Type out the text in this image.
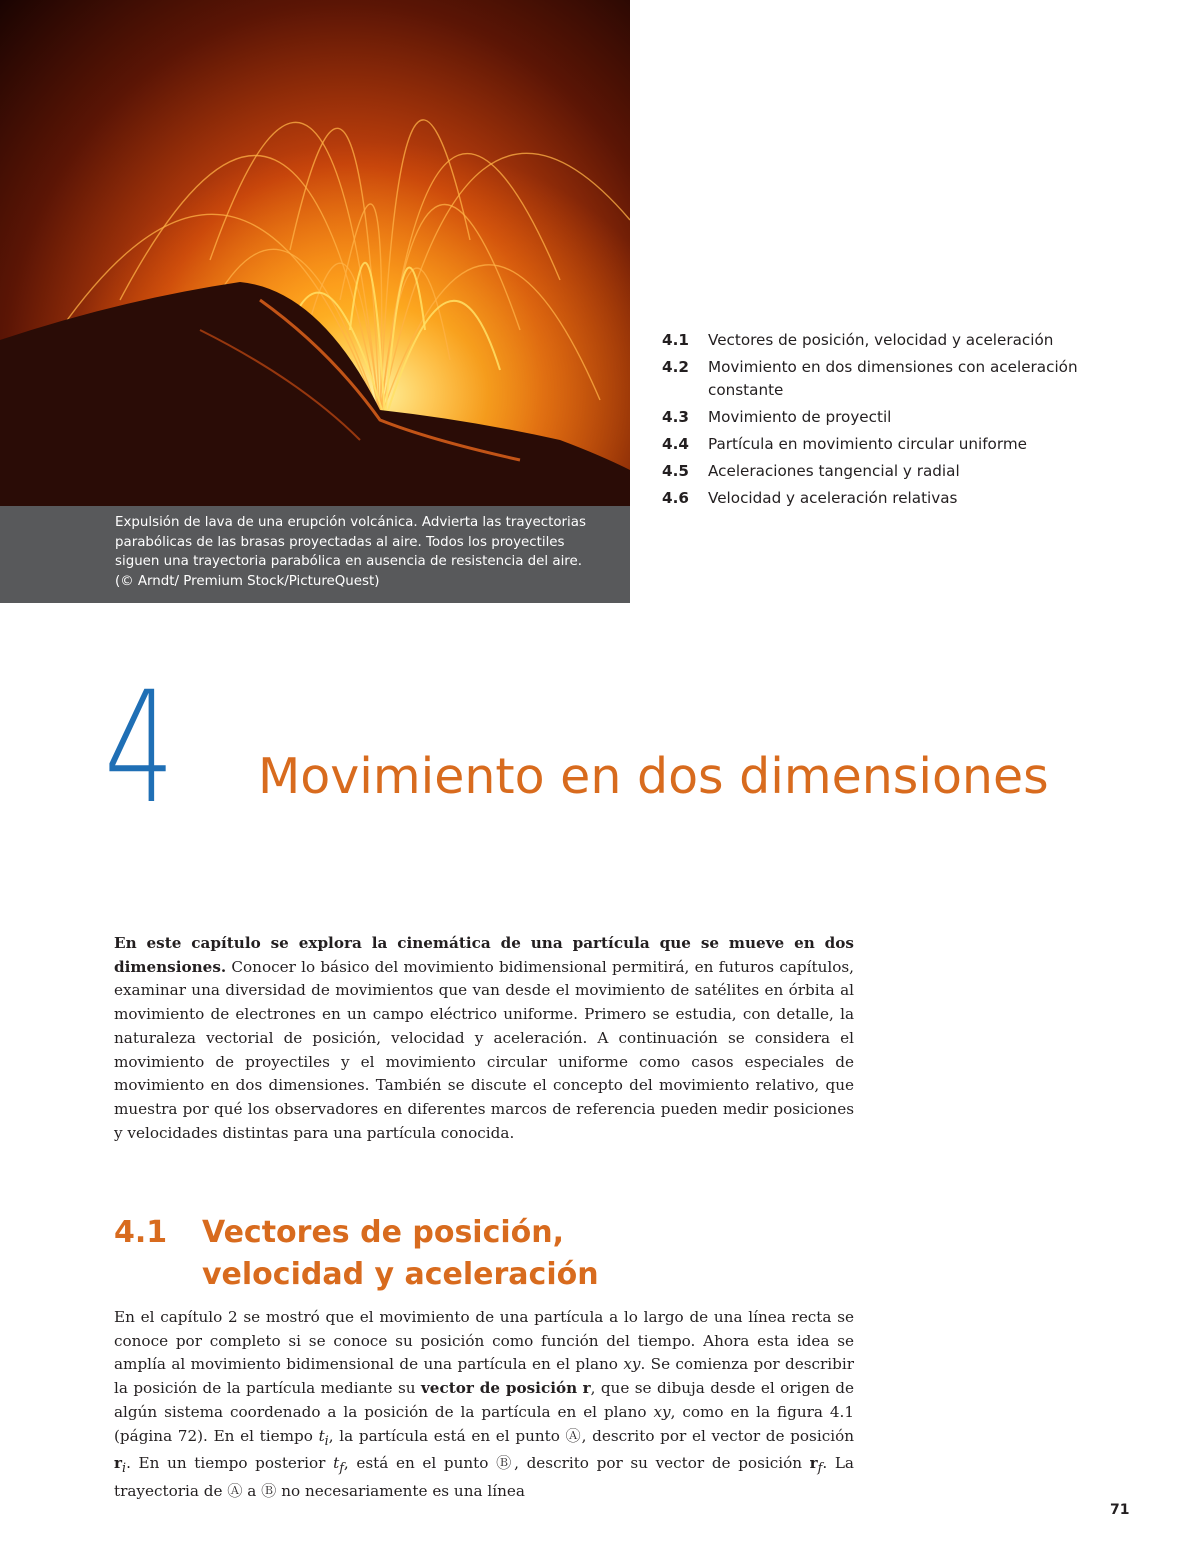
Expulsión de lava de una erupción volcánica. Advierta las trayectorias parabólicas de las brasas proyectadas al aire. Todos los proyectiles siguen una trayectoria parabólica en ausencia de resistencia del aire. (© Arndt/ Premium Stock/PictureQuest)
4.1	Vectores de posición, velocidad y aceleración
4.2	Movimiento en dos dimensiones con aceleración constante
4.3	Movimiento de proyectil
4.4	Partícula en movimiento circular uniforme
4.5	Aceleraciones tangencial y radial
4.6	Velocidad y aceleración relativas
4 Movimiento en dos dimensiones
En este capítulo se explora la cinemática de una partícula que se mueve en dos dimensiones. Conocer lo básico del movimiento bidimensional permitirá, en futuros capítulos, examinar una diversidad de movimientos que van desde el movimiento de satélites en órbita al movimiento de electrones en un campo eléctrico uniforme. Primero se estudia, con detalle, la naturaleza vectorial de posición, velocidad y aceleración. A continuación se considera el movimiento de proyectiles y el movimiento circular uniforme como casos especiales de movimiento en dos dimensiones. También se discute el concepto del movimiento relativo, que muestra por qué los observadores en diferentes marcos de referencia pueden medir posiciones y velocidades distintas para una partícula conocida.
4.1	Vectores de posición, velocidad y aceleración
En el capítulo 2 se mostró que el movimiento de una partícula a lo largo de una línea recta se conoce por completo si se conoce su posición como función del tiempo. Ahora esta idea se amplía al movimiento bidimensional de una partícula en el plano xy. Se comienza por describir la posición de la partícula mediante su vector de posición r, que se dibuja desde el origen de algún sistema coordenado a la posición de la partícula en el plano xy, como en la figura 4.1 (página 72). En el tiempo $t_i$, la partícula está en el punto Ⓐ, descrito por el vector de posición $r_i$. En un tiempo posterior $t_f$, está en el punto Ⓑ, descrito por su vector de posición $r_f$. La trayectoria de Ⓐ a Ⓑ no necesariamente es una línea
71
